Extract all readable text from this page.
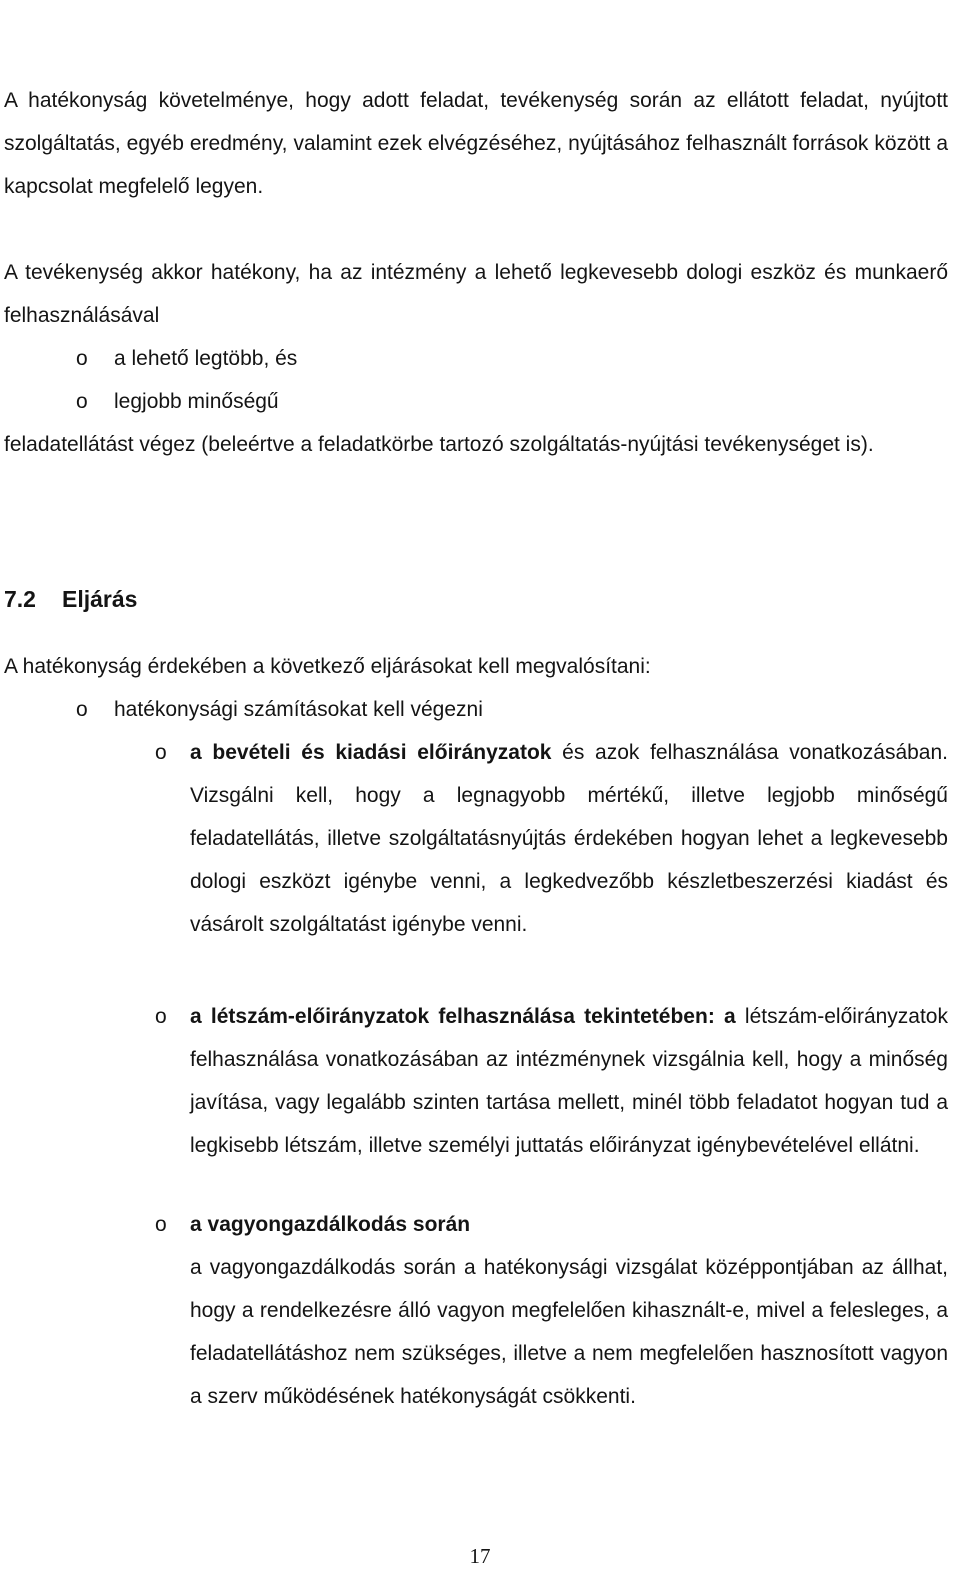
A hatékonyság követelménye, hogy adott feladat, tevékenység során az ellátott feladat, nyújtott szolgáltatás, egyéb eredmény, valamint ezek elvégzéséhez, nyújtásához felhasznált források között a kapcsolat megfelelő legyen.

A tevékenység akkor hatékony, ha az intézmény a lehető legkevesebb dologi eszköz és munkaerő felhasználásával

o a lehető legtöbb, és
o legjobb minőségű

feladatellátást végez (beleértve a feladatkörbe tartozó szolgáltatás-nyújtási tevékenységet is).

7.2 Eljárás

A hatékonyság érdekében a következő eljárásokat kell megvalósítani:

o hatékonysági számításokat kell végezni
o a bevételi és kiadási előirányzatok és azok felhasználása vonatkozásában. Vizsgálni kell, hogy a legnagyobb mértékű, illetve legjobb minőségű feladatellátás, illetve szolgáltatásnyújtás érdekében hogyan lehet a legkevesebb dologi eszközt igénybe venni, a legkedvezőbb készletbeszerzési kiadást és vásárolt szolgáltatást igénybe venni.

o a létszám-előirányzatok felhasználása tekintetében: a létszám-előirányzatok felhasználása vonatkozásában az intézménynek vizsgálnia kell, hogy a minőség javítása, vagy legalább szinten tartása mellett, minél több feladatot hogyan tud a legkisebb létszám, illetve személyi juttatás előirányzat igénybevételével ellátni.

o a vagyongazdálkodás során
a vagyongazdálkodás során a hatékonysági vizsgálat középpontjában az állhat, hogy a rendelkezésre álló vagyon megfelelően kihasznált-e, mivel a felesleges, a feladatellátáshoz nem szükséges, illetve a nem megfelelően hasznosított vagyon a szerv működésének hatékonyságát csökkenti.

17
